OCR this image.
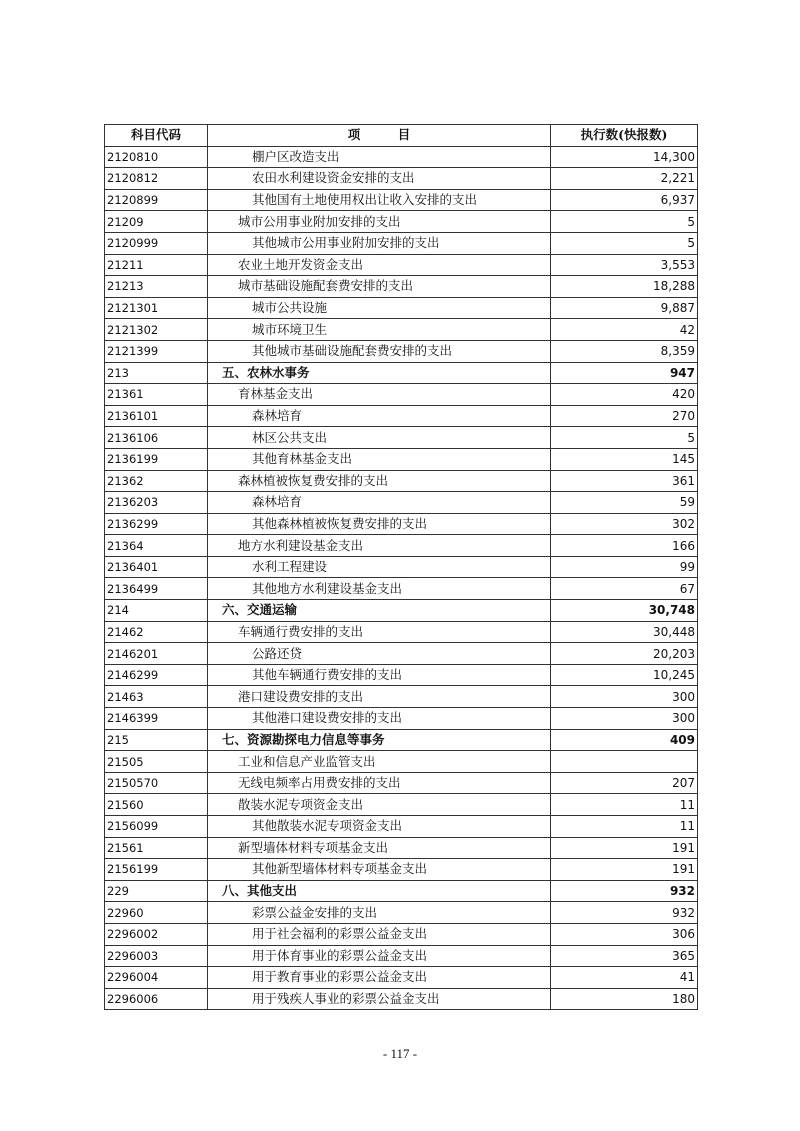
科目代码	项　　　目	执行数(快报数)
2120810	棚户区改造支出	14,300
2120812	农田水利建设资金安排的支出	2,221
2120899	其他国有土地使用权出让收入安排的支出	6,937
21209	城市公用事业附加安排的支出	5
2120999	其他城市公用事业附加安排的支出	5
21211	农业土地开发资金支出	3,553
21213	城市基础设施配套费安排的支出	18,288
2121301	城市公共设施	9,887
2121302	城市环境卫生	42
2121399	其他城市基础设施配套费安排的支出	8,359
213	五、农林水事务	947
21361	育林基金支出	420
2136101	森林培育	270
2136106	林区公共支出	5
2136199	其他育林基金支出	145
21362	森林植被恢复费安排的支出	361
2136203	森林培育	59
2136299	其他森林植被恢复费安排的支出	302
21364	地方水利建设基金支出	166
2136401	水利工程建设	99
2136499	其他地方水利建设基金支出	67
214	六、交通运输	30,748
21462	车辆通行费安排的支出	30,448
2146201	公路还贷	20,203
2146299	其他车辆通行费安排的支出	10,245
21463	港口建设费安排的支出	300
2146399	其他港口建设费安排的支出	300
215	七、资源勘探电力信息等事务	409
21505	工业和信息产业监管支出	
2150570	无线电频率占用费安排的支出	207
21560	散装水泥专项资金支出	11
2156099	其他散装水泥专项资金支出	11
21561	新型墙体材料专项基金支出	191
2156199	其他新型墙体材料专项基金支出	191
229	八、其他支出	932
22960	彩票公益金安排的支出	932
2296002	用于社会福利的彩票公益金支出	306
2296003	用于体育事业的彩票公益金支出	365
2296004	用于教育事业的彩票公益金支出	41
2296006	用于残疾人事业的彩票公益金支出	180
- 117 -
